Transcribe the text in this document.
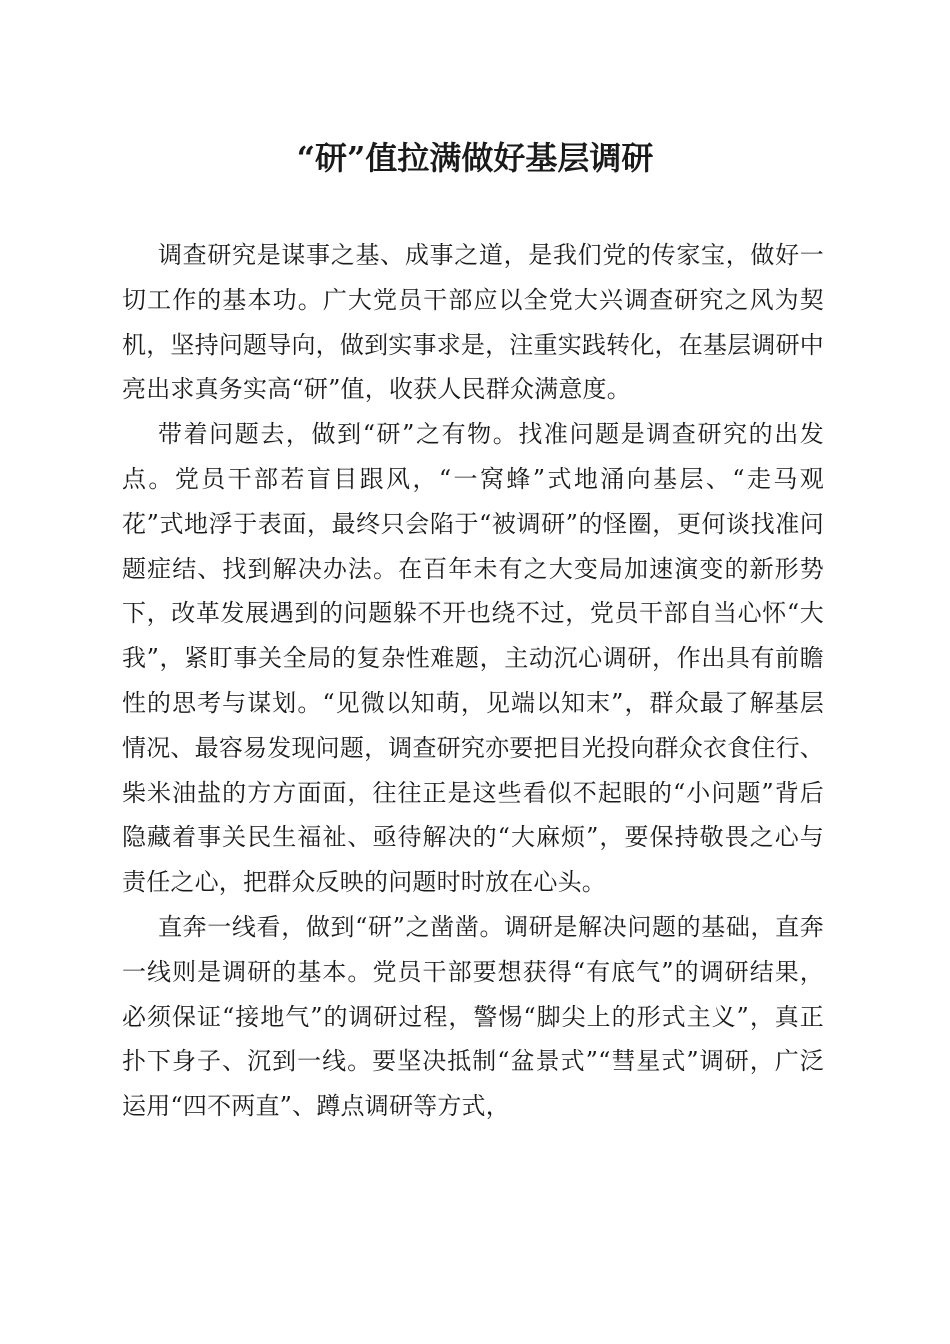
“研”值拉满做好基层调研

调查研究是谋事之基、成事之道，是我们党的传家宝，做好一切工作的基本功。广大党员干部应以全党大兴调查研究之风为契机，坚持问题导向，做到实事求是，注重实践转化，在基层调研中亮出求真务实高“研”值，收获人民群众满意度。

带着问题去，做到“研”之有物。找准问题是调查研究的出发点。党员干部若盲目跟风，“一窝蜂”式地涌向基层、“走马观花”式地浮于表面，最终只会陷于“被调研”的怪圈，更何谈找准问题症结、找到解决办法。在百年未有之大变局加速演变的新形势下，改革发展遇到的问题躲不开也绕不过，党员干部自当心怀“大我”，紧盯事关全局的复杂性难题，主动沉心调研，作出具有前瞻性的思考与谋划。“见微以知萌，见端以知末”，群众最了解基层情况、最容易发现问题，调查研究亦要把目光投向群众衣食住行、柴米油盐的方方面面，往往正是这些看似不起眼的“小问题”背后隐藏着事关民生福祉、亟待解决的“大麻烦”，要保持敬畏之心与责任之心，把群众反映的问题时时放在心头。

直奔一线看，做到“研”之凿凿。调研是解决问题的基础，直奔一线则是调研的基本。党员干部要想获得“有底气”的调研结果，必须保证“接地气”的调研过程，警惕“脚尖上的形式主义”，真正扑下身子、沉到一线。要坚决抵制“盆景式”“彗星式”调研，广泛运用“四不两直”、蹲点调研等方式，
